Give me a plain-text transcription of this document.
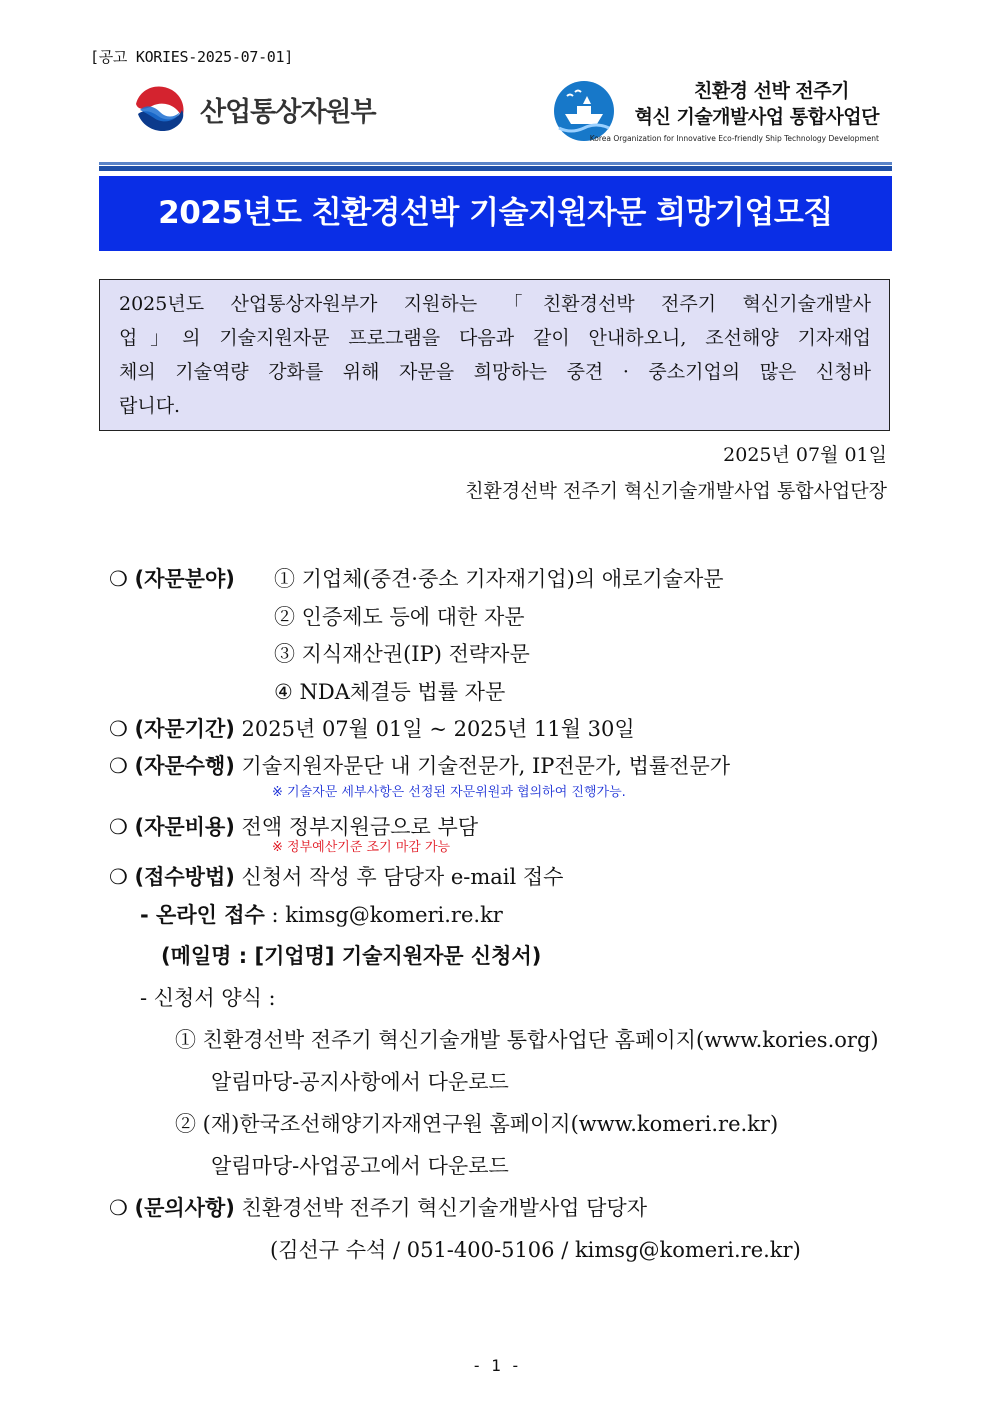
[공고 KORIES-2025-07-01]
산업통상자원부
친환경 선박 전주기
혁신 기술개발사업 통합사업단
Korea Organization for Innovative Eco-friendly Ship Technology Development
2025년도 친환경선박 기술지원자문 희망기업모집
2025년도 산업통상자원부가 지원하는 「친환경선박 전주기 혁신기술개발사
업」의 기술지원자문 프로그램을 다음과 같이 안내하오니, 조선해양 기자재업
체의 기술역량 강화를 위해 자문을 희망하는 중견 · 중소기업의 많은 신청바
랍니다.
2025년 07월 01일
친환경선박 전주기 혁신기술개발사업 통합사업단장
❍ (자문분야) ① 기업체(중견·중소 기자재기업)의 애로기술자문
② 인증제도 등에 대한 자문
③ 지식재산권(IP) 전략자문
④ NDA체결등 법률 자문
❍ (자문기간) 2025년 07월 01일 ~ 2025년 11월 30일
❍ (자문수행) 기술지원자문단 내 기술전문가, IP전문가, 법률전문가
※ 기술자문 세부사항은 선정된 자문위원과 협의하여 진행가능.
❍ (자문비용) 전액 정부지원금으로 부담
※ 정부예산기준 조기 마감 가능
❍ (접수방법) 신청서 작성 후 담당자 e-mail 접수
- 온라인 접수 : kimsg@komeri.re.kr
(메일명 : [기업명] 기술지원자문 신청서)
- 신청서 양식 :
① 친환경선박 전주기 혁신기술개발 통합사업단 홈페이지(www.kories.org)
알림마당-공지사항에서 다운로드
② (재)한국조선해양기자재연구원 홈페이지(www.komeri.re.kr)
알림마당-사업공고에서 다운로드
❍ (문의사항) 친환경선박 전주기 혁신기술개발사업 담당자
(김선구 수석 / 051-400-5106 / kimsg@komeri.re.kr)
- 1 -
